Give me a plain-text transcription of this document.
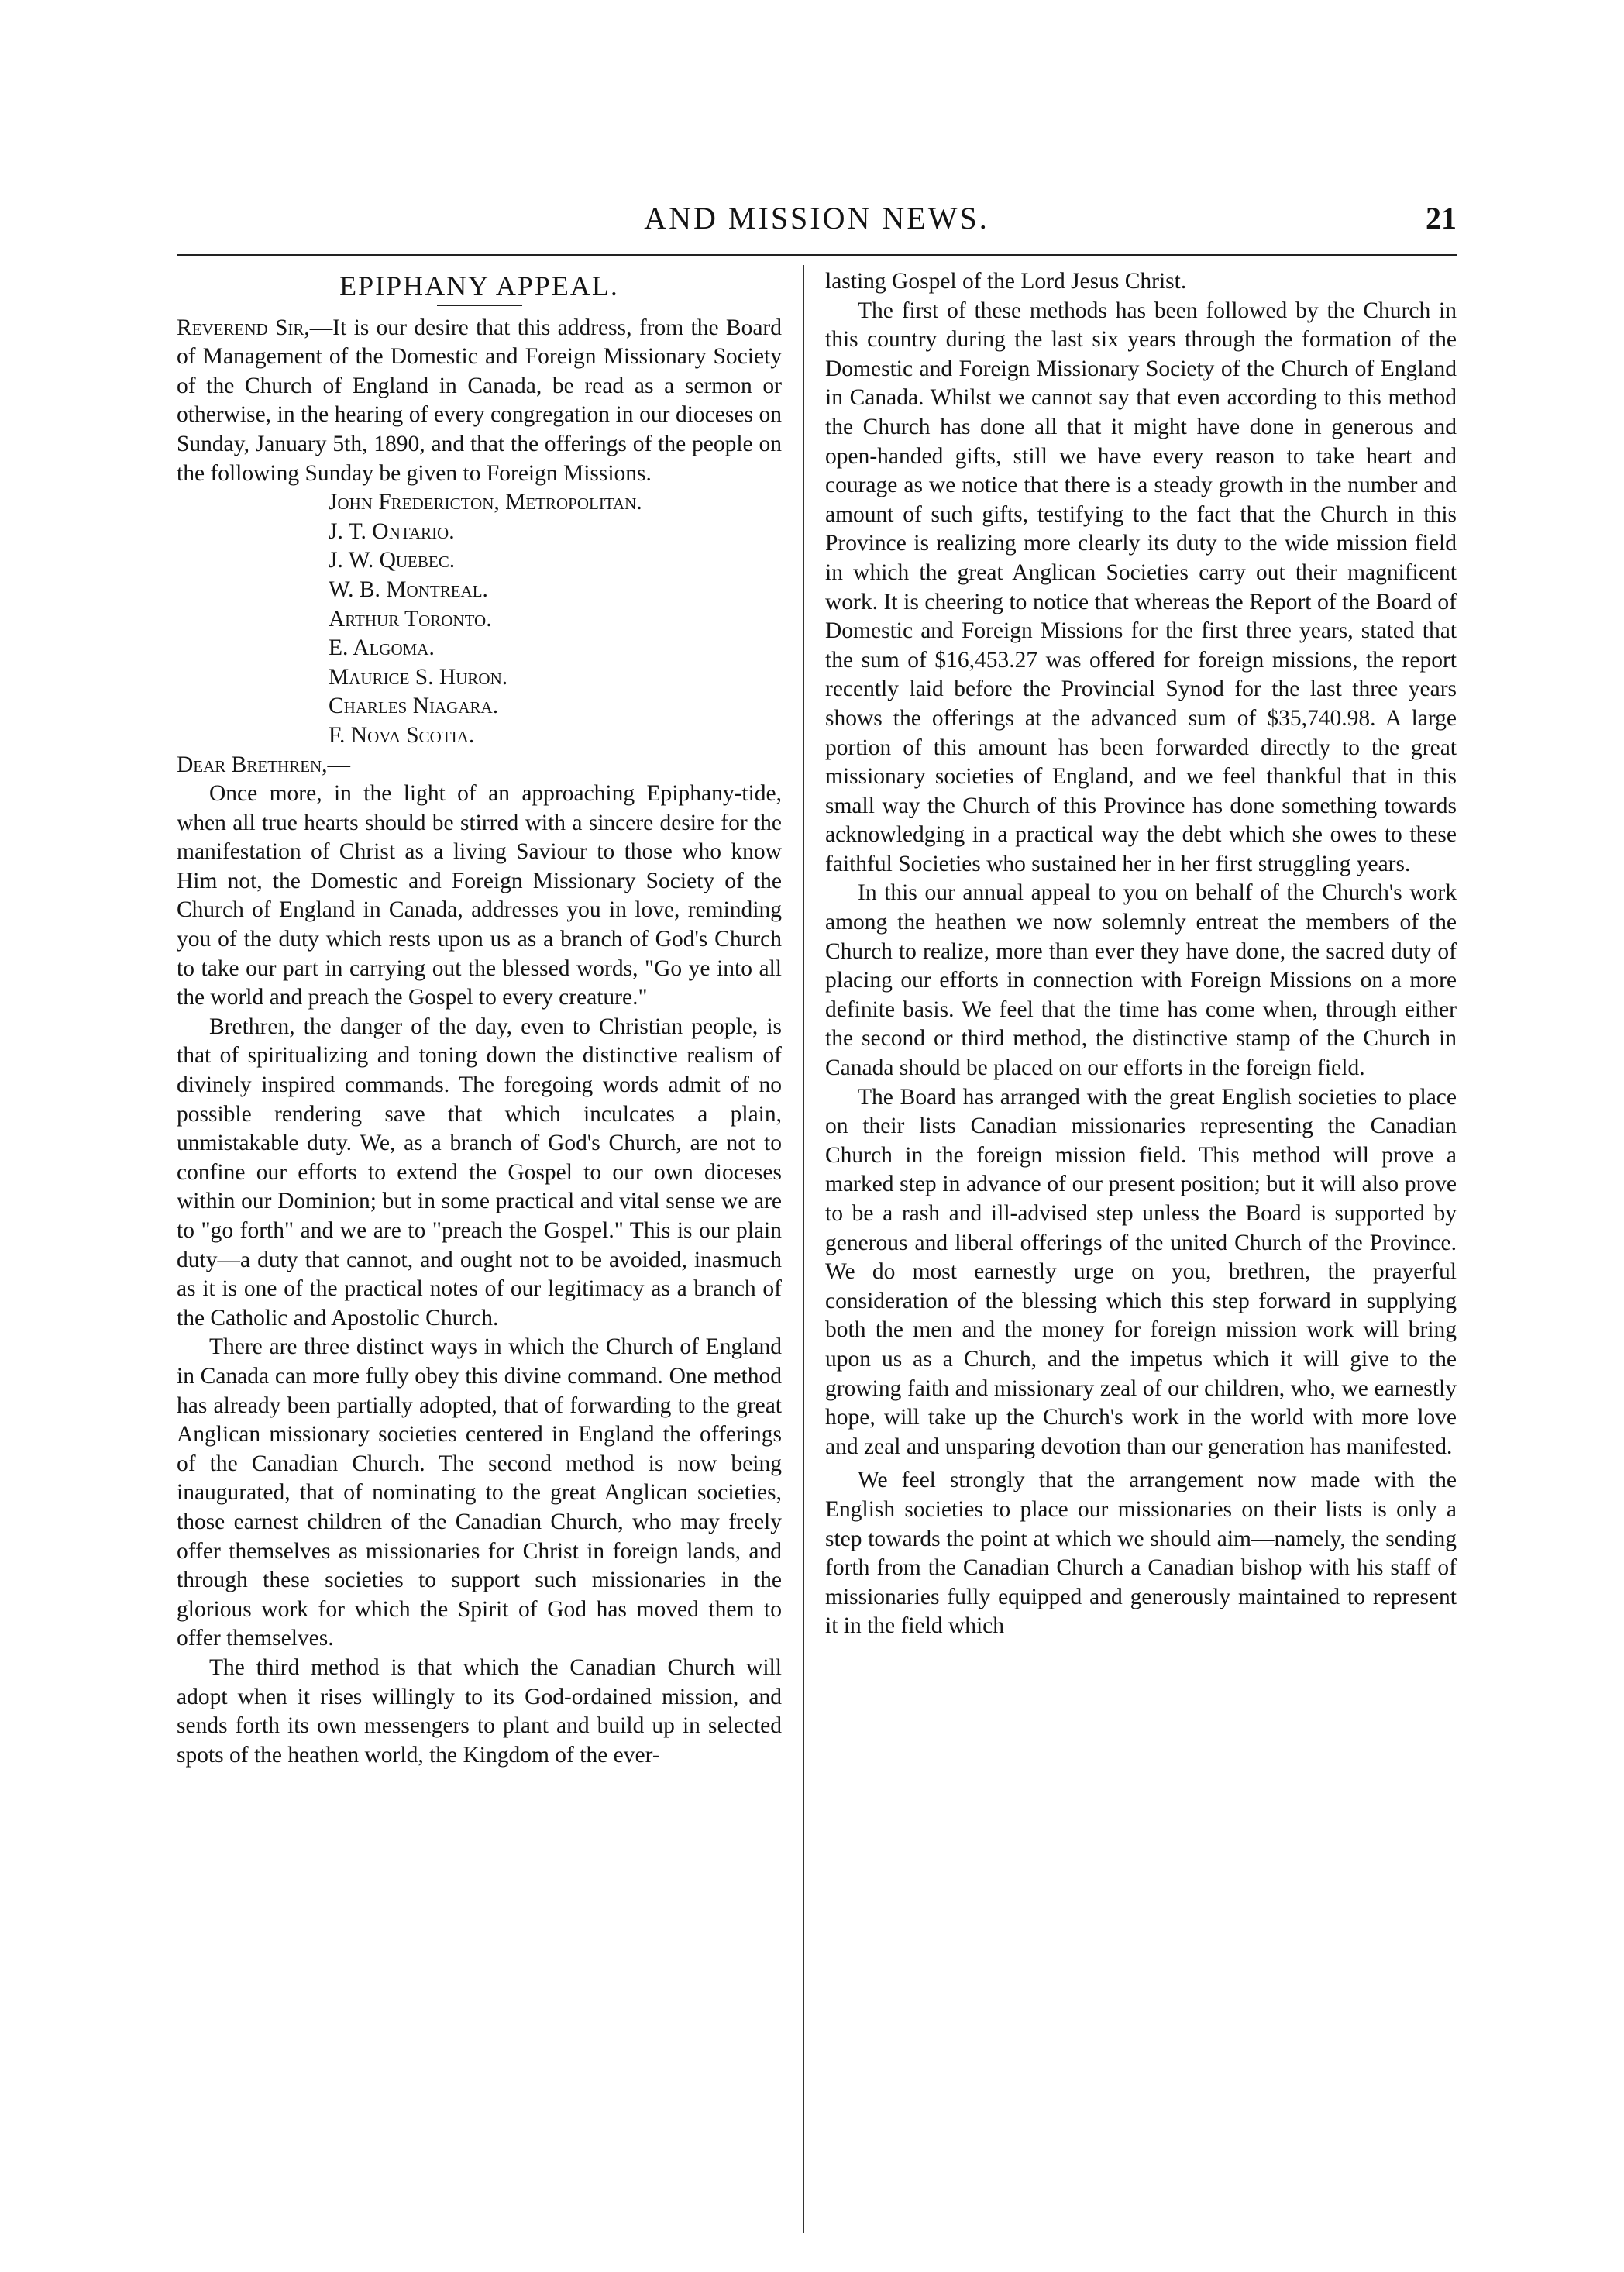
AND MISSION NEWS.	21
EPIPHANY APPEAL.

Reverend Sir,—It is our desire that this address, from the Board of Management of the Domestic and Foreign Missionary Society of the Church of England in Canada, be read as a sermon or otherwise, in the hearing of every congregation in our dioceses on Sunday, January 5th, 1890, and that the offerings of the people on the following Sunday be given to Foreign Missions.

John Fredericton, Metropolitan.
J. T. Ontario.
J. W. Quebec.
W. B. Montreal.
Arthur Toronto.
E. Algoma.
Maurice S. Huron.
Charles Niagara.
F. Nova Scotia.

Dear Brethren,—

Once more, in the light of an approaching Epiphany-tide, when all true hearts should be stirred with a sincere desire for the manifestation of Christ as a living Saviour to those who know Him not, the Domestic and Foreign Missionary Society of the Church of England in Canada, addresses you in love, reminding you of the duty which rests upon us as a branch of God's Church to take our part in carrying out the blessed words, "Go ye into all the world and preach the Gospel to every creature."

Brethren, the danger of the day, even to Christian people, is that of spiritualizing and toning down the distinctive realism of divinely inspired commands. The foregoing words admit of no possible rendering save that which inculcates a plain, unmistakable duty. We, as a branch of God's Church, are not to confine our efforts to extend the Gospel to our own dioceses within our Dominion; but in some practical and vital sense we are to "go forth" and we are to "preach the Gospel." This is our plain duty—a duty that cannot, and ought not to be avoided, inasmuch as it is one of the practical notes of our legitimacy as a branch of the Catholic and Apostolic Church.

There are three distinct ways in which the Church of England in Canada can more fully obey this divine command. One method has already been partially adopted, that of forwarding to the great Anglican missionary societies centered in England the offerings of the Canadian Church. The second method is now being inaugurated, that of nominating to the great Anglican societies, those earnest children of the Canadian Church, who may freely offer themselves as missionaries for Christ in foreign lands, and through these societies to support such missionaries in the glorious work for which the Spirit of God has moved them to offer themselves.

The third method is that which the Canadian Church will adopt when it rises willingly to its God-ordained mission, and sends forth its own messengers to plant and build up in selected spots of the heathen world, the Kingdom of the ever-

lasting Gospel of the Lord Jesus Christ.

The first of these methods has been followed by the Church in this country during the last six years through the formation of the Domestic and Foreign Missionary Society of the Church of England in Canada. Whilst we cannot say that even according to this method the Church has done all that it might have done in generous and open-handed gifts, still we have every reason to take heart and courage as we notice that there is a steady growth in the number and amount of such gifts, testifying to the fact that the Church in this Province is realizing more clearly its duty to the wide mission field in which the great Anglican Societies carry out their magnificent work. It is cheering to notice that whereas the Report of the Board of Domestic and Foreign Missions for the first three years, stated that the sum of $16,453.27 was offered for foreign missions, the report recently laid before the Provincial Synod for the last three years shows the offerings at the advanced sum of $35,740.98. A large portion of this amount has been forwarded directly to the great missionary societies of England, and we feel thankful that in this small way the Church of this Province has done something towards acknowledging in a practical way the debt which she owes to these faithful Societies who sustained her in her first struggling years.

In this our annual appeal to you on behalf of the Church's work among the heathen we now solemnly entreat the members of the Church to realize, more than ever they have done, the sacred duty of placing our efforts in connection with Foreign Missions on a more definite basis. We feel that the time has come when, through either the second or third method, the distinctive stamp of the Church in Canada should be placed on our efforts in the foreign field.

The Board has arranged with the great English societies to place on their lists Canadian missionaries representing the Canadian Church in the foreign mission field. This method will prove a marked step in advance of our present position; but it will also prove to be a rash and ill-advised step unless the Board is supported by generous and liberal offerings of the united Church of the Province. We do most earnestly urge on you, brethren, the prayerful consideration of the blessing which this step forward in supplying both the men and the money for foreign mission work will bring upon us as a Church, and the impetus which it will give to the growing faith and missionary zeal of our children, who, we earnestly hope, will take up the Church's work in the world with more love and zeal and unsparing devotion than our generation has manifested.

We feel strongly that the arrangement now made with the English societies to place our missionaries on their lists is only a step towards the point at which we should aim—namely, the sending forth from the Canadian Church a Canadian bishop with his staff of missionaries fully equipped and generously maintained to represent it in the field which
